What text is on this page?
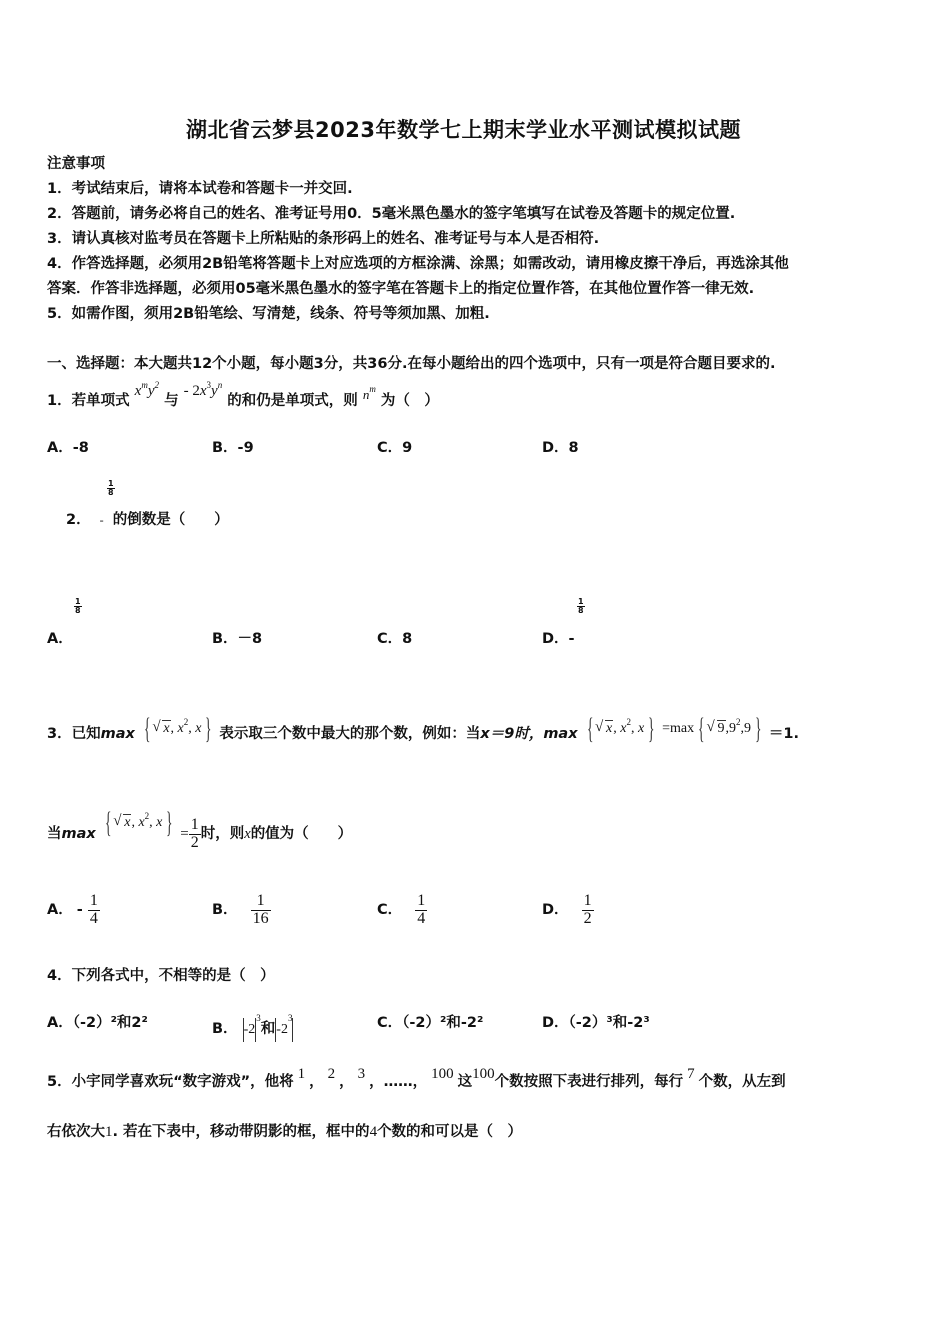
湖北省云梦县2023年数学七上期末学业水平测试模拟试题
注意事项
1．考试结束后，请将本试卷和答题卡一并交回.
2．答题前，请务必将自己的姓名、准考证号用0．5毫米黑色墨水的签字笔填写在试卷及答题卡的规定位置.
3．请认真核对监考员在答题卡上所粘贴的条形码上的姓名、准考证号与本人是否相符.
4．作答选择题，必须用2B铅笔将答题卡上对应选项的方框涂满、涂黑；如需改动，请用橡皮擦干净后，再选涂其他
答案．作答非选择题，必须用05毫米黑色墨水的签字笔在答题卡上的指定位置作答，在其他位置作答一律无效.
5．如需作图，须用2B铅笔绘、写清楚，线条、符号等须加黑、加粗.
一、选择题：本大题共12个小题，每小题3分，共36分.在每小题给出的四个选项中，只有一项是符合题目要求的.
1．若单项式 $x^my^2$ 与 - $2x^3y^n$ 的和仍是单项式，则 $n^m$ 为（　）
A．-8	B．-9	C．9	D．8
$\frac{1}{8}$
2． - 的倒数是（　　）
$\frac{1}{8}$
A．	B．－8	C．8
$\frac{1}{8}$
D．-
3．已知max { √ x, $x^2$, x } 表示取三个数中最大的那个数，例如：当x＝9时，max { √ x, $x^2$, x } =max { √ $9,9^2,9$ } ＝1.
当max { √ x, $x^2$, x } = $\frac{1}{2}$ 时，则x的值为（　　）
A． - $\frac{1}{4}$	B． $\frac{1}{16}$	C． $\frac{1}{4}$	D． $\frac{1}{2}$
4．下列各式中，不相等的是（　）
A．（-2）²和2²	B． $-2^3$和$-2^3$	C．（-2）²和-2²	D．（-2）³和-2³
5．小宇同学喜欢玩“数字游戏”，他将 1 ， 2 ， 3 ，……， 100 这100个数按照下表进行排列，每行 7 个数，从左到
右依次大1. 若在下表中，移动带阴影的框，框中的4个数的和可以是（　）
